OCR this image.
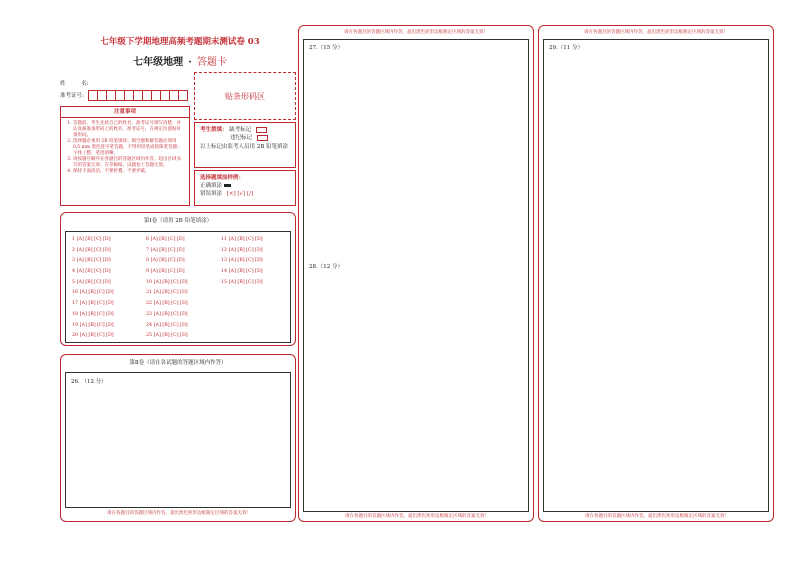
七年级下学期地理高频考题期末测试卷 03
七年级地理 · 答题卡
姓	名:
准考证号:	贴条形码区
注意事项
1. 答题前，考生先将自己的姓名，准考证号填写清楚，并认真核准条形码上的姓名、准考证号，在规定位置贴好条形码。
2. 选择题必须用 2B 铅笔填涂；填空题和解答题必须用 0.5 mm 黑色签字笔答题，不得用铅笔或圆珠笔答题；字体工整、笔迹清晰。
3. 请按题号顺序在各题目的答题区域内作答，超出区域书写的答案无效；在草稿纸、试题卷上答题无效。
4. 保持卡面清洁，不要折叠、不要弄破。
考生禁填： 缺考标记
违纪标记
以上标记由监考人员用 2B 铅笔填涂
选择题填涂样例：
正确填涂
错误填涂 [×] [√] [/]
第Ⅰ卷（请用 2B 铅笔填涂）
1 [A] [B] [C] [D]
2 [A] [B] [C] [D]
3 [A] [B] [C] [D]
4 [A] [B] [C] [D]
5 [A] [B] [C] [D]
16 [A] [B] [C] [D]
17 [A] [B] [C] [D]
18 [A] [B] [C] [D]
19 [A] [B] [C] [D]
20 [A] [B] [C] [D]
6 [A] [B] [C] [D]
7 [A] [B] [C] [D]
8 [A] [B] [C] [D]
9 [A] [B] [C] [D]
10 [A] [B] [C] [D]
21 [A] [B] [C] [D]
22 [A] [B] [C] [D]
23 [A] [B] [C] [D]
24 [A] [B] [C] [D]
25 [A] [B] [C] [D]
11 [A] [B] [C] [D]
12 [A] [B] [C] [D]
13 [A] [B] [C] [D]
14 [A] [B] [C] [D]
15 [A] [B] [C] [D]
第Ⅱ卷（请在各试题的答题区域内作答）
26. （12 分）
请在各题目的答题区域内作答，超出黑色矩形边框限定区域的答案无效！
请在各题目的答题区域内作答，超出黑色矩形边框限定区域的答案无效！
27.（15 分）
28.（12 分）
请在各题目的答题区域内作答，超出黑色矩形边框限定区域的答案无效！
请在各题目的答题区域内作答，超出黑色矩形边框限定区域的答案无效！
29.（11 分）
请在各题目的答题区域内作答，超出黑色矩形边框限定区域的答案无效！
